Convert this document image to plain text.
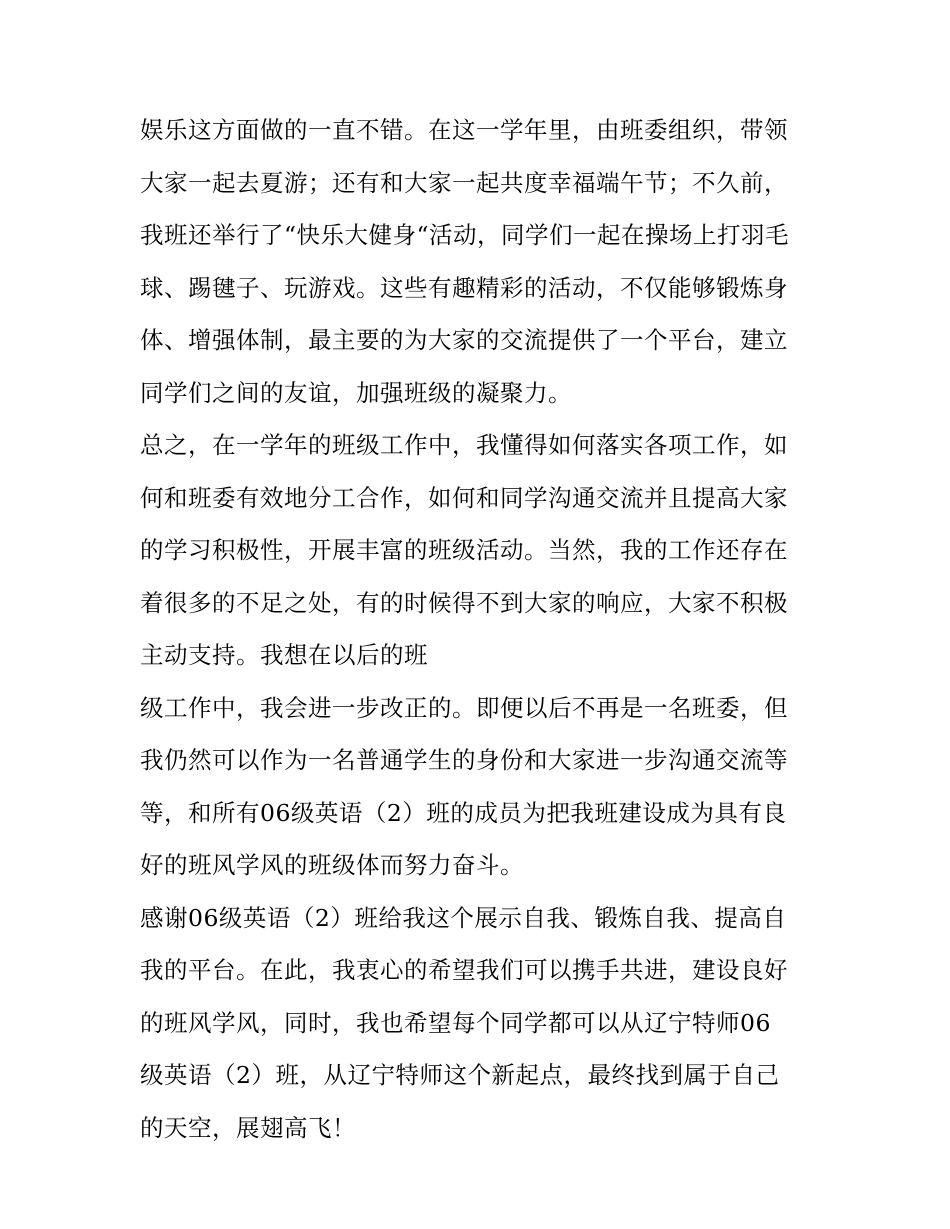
娱乐这方面做的一直不错。在这一学年里，由班委组织，带领
大家一起去夏游；还有和大家一起共度幸福端午节；不久前，
我班还举行了“快乐大健身“活动，同学们一起在操场上打羽毛
球、踢毽子、玩游戏。这些有趣精彩的活动，不仅能够锻炼身
体、增强体制，最主要的为大家的交流提供了一个平台，建立
同学们之间的友谊，加强班级的凝聚力。
总之，在一学年的班级工作中，我懂得如何落实各项工作，如
何和班委有效地分工合作，如何和同学沟通交流并且提高大家
的学习积极性，开展丰富的班级活动。当然，我的工作还存在
着很多的不足之处，有的时候得不到大家的响应，大家不积极
主动支持。我想在以后的班
级工作中，我会进一步改正的。即便以后不再是一名班委，但
我仍然可以作为一名普通学生的身份和大家进一步沟通交流等
等，和所有06级英语（2）班的成员为把我班建设成为具有良
好的班风学风的班级体而努力奋斗。
感谢06级英语（2）班给我这个展示自我、锻炼自我、提高自
我的平台。在此，我衷心的希望我们可以携手共进，建设良好
的班风学风，同时，我也希望每个同学都可以从辽宁特师06
级英语（2）班，从辽宁特师这个新起点，最终找到属于自己
的天空，展翅高飞！
